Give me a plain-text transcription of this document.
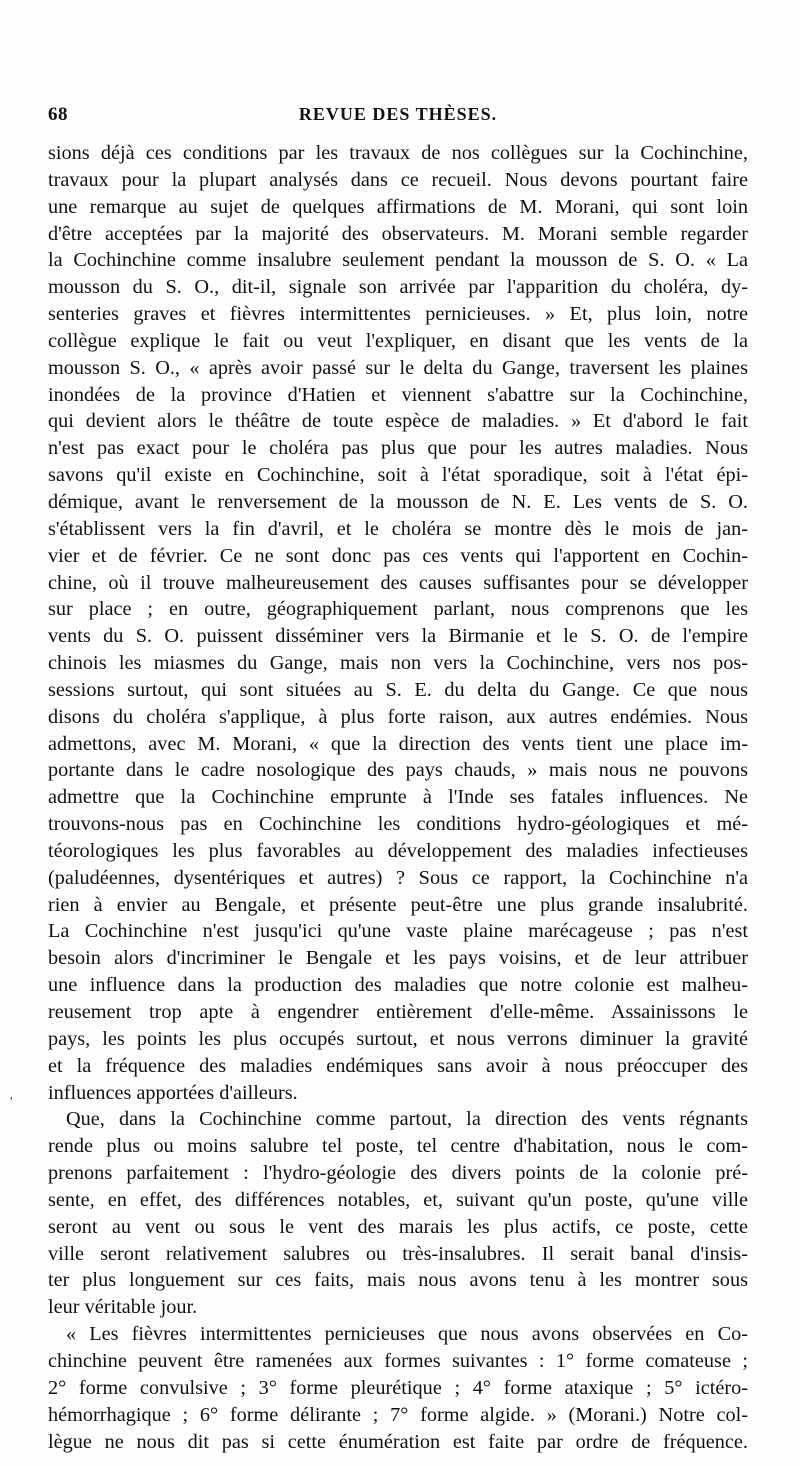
68	REVUE DES THÈSES.
'
sions déjà ces conditions par les travaux de nos collègues sur la Cochinchine,
travaux pour la plupart analysés dans ce recueil. Nous devons pourtant faire
une remarque au sujet de quelques affirmations de M. Morani, qui sont loin
d'être acceptées par la majorité des observateurs. M. Morani semble regarder
la Cochinchine comme insalubre seulement pendant la mousson de S. O. « La
mousson du S. O., dit-il, signale son arrivée par l'apparition du choléra, dy-
senteries graves et fièvres intermittentes pernicieuses. » Et, plus loin, notre
collègue explique le fait ou veut l'expliquer, en disant que les vents de la
mousson S. O., « après avoir passé sur le delta du Gange, traversent les plaines
inondées de la province d'Hatien et viennent s'abattre sur la Cochinchine,
qui devient alors le théâtre de toute espèce de maladies. » Et d'abord le fait
n'est pas exact pour le choléra pas plus que pour les autres maladies. Nous
savons qu'il existe en Cochinchine, soit à l'état sporadique, soit à l'état épi-
démique, avant le renversement de la mousson de N. E. Les vents de S. O.
s'établissent vers la fin d'avril, et le choléra se montre dès le mois de jan-
vier et de février. Ce ne sont donc pas ces vents qui l'apportent en Cochin-
chine, où il trouve malheureusement des causes suffisantes pour se développer
sur place ; en outre, géographiquement parlant, nous comprenons que les
vents du S. O. puissent disséminer vers la Birmanie et le S. O. de l'empire
chinois les miasmes du Gange, mais non vers la Cochinchine, vers nos pos-
sessions surtout, qui sont situées au S. E. du delta du Gange. Ce que nous
disons du choléra s'applique, à plus forte raison, aux autres endémies. Nous
admettons, avec M. Morani, « que la direction des vents tient une place im-
portante dans le cadre nosologique des pays chauds, » mais nous ne pouvons
admettre que la Cochinchine emprunte à l'Inde ses fatales influences. Ne
trouvons-nous pas en Cochinchine les conditions hydro-géologiques et mé-
téorologiques les plus favorables au développement des maladies infectieuses
(paludéennes, dysentériques et autres) ? Sous ce rapport, la Cochinchine n'a
rien à envier au Bengale, et présente peut-être une plus grande insalubrité.
La Cochinchine n'est jusqu'ici qu'une vaste plaine marécageuse ; pas n'est
besoin alors d'incriminer le Bengale et les pays voisins, et de leur attribuer
une influence dans la production des maladies que notre colonie est malheu-
reusement trop apte à engendrer entièrement d'elle-même. Assainissons le
pays, les points les plus occupés surtout, et nous verrons diminuer la gravité
et la fréquence des maladies endémiques sans avoir à nous préoccuper des
influences apportées d'ailleurs.
Que, dans la Cochinchine comme partout, la direction des vents régnants
rende plus ou moins salubre tel poste, tel centre d'habitation, nous le com-
prenons parfaitement : l'hydro-géologie des divers points de la colonie pré-
sente, en effet, des différences notables, et, suivant qu'un poste, qu'une ville
seront au vent ou sous le vent des marais les plus actifs, ce poste, cette
ville seront relativement salubres ou très-insalubres. Il serait banal d'insis-
ter plus longuement sur ces faits, mais nous avons tenu à les montrer sous
leur véritable jour.
« Les fièvres intermittentes pernicieuses que nous avons observées en Co-
chinchine peuvent être ramenées aux formes suivantes : 1° forme comateuse ;
2° forme convulsive ; 3° forme pleurétique ; 4° forme ataxique ; 5° ictéro-
hémorrhagique ; 6° forme délirante ; 7° forme algide. » (Morani.) Notre col-
lègue ne nous dit pas si cette énumération est faite par ordre de fréquence.
